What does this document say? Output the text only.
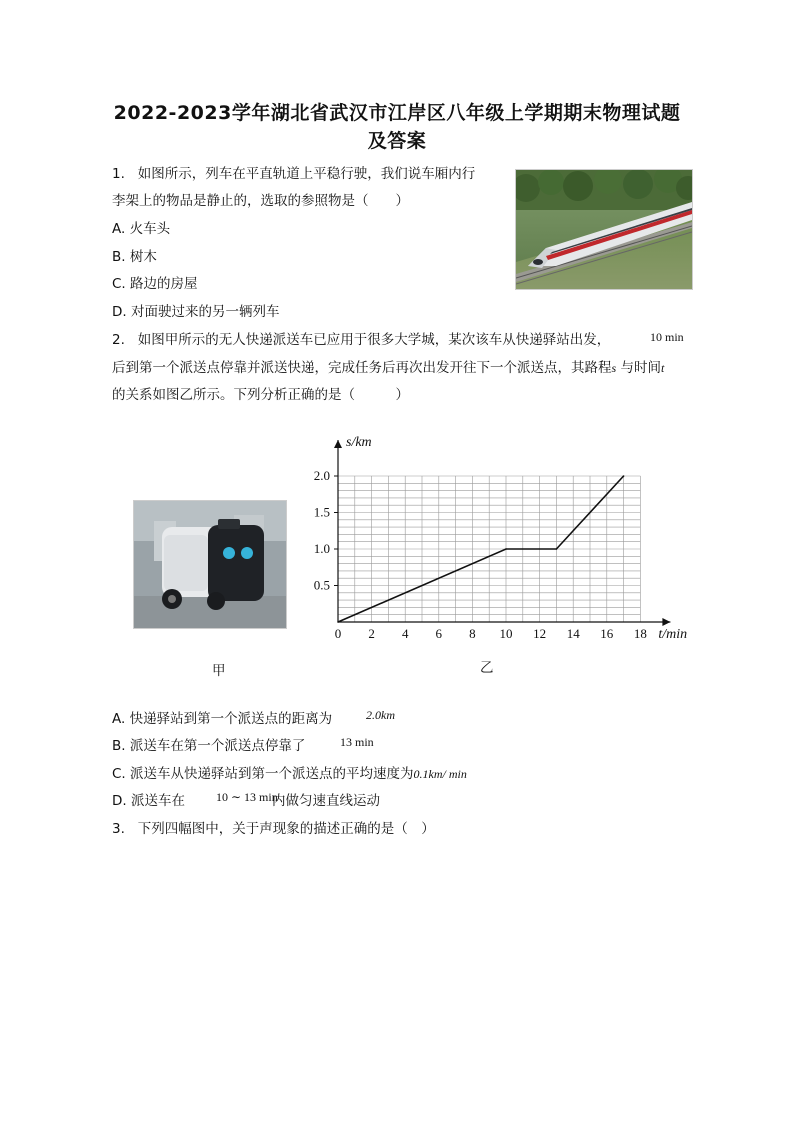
2022-2023学年湖北省武汉市江岸区八年级上学期期末物理试题
及答案
1. 如图所示，列车在平直轨道上平稳行驶，我们说车厢内行
李架上的物品是静止的，选取的参照物是（　　）
A. 火车头
B. 树木
C. 路边的房屋
D. 对面驶过来的另一辆列车
2. 如图甲所示的无人快递派送车已应用于很多大学城，某次该车从快递驿站出发，	10 min
后到第一个派送点停靠并派送快递，完成任务后再次出发开往下一个派送点，其路程s 与时间t
的关系如图乙所示。下列分析正确的是（　　　）
甲
0 2 4 6 8 10 12 14 16 18
0.5
1.0
1.5
2.0
s/km
t/min
乙
A. 快递驿站到第一个派送点的距离为	2.0km
B. 派送车在第一个派送点停靠了	13 min
C. 派送车从快递驿站到第一个派送点的平均速度为0.1km/ min
D. 派送车在	10 ∼ 13 min
内做匀速直线运动
3. 下列四幅图中，关于声现象的描述正确的是（　）
